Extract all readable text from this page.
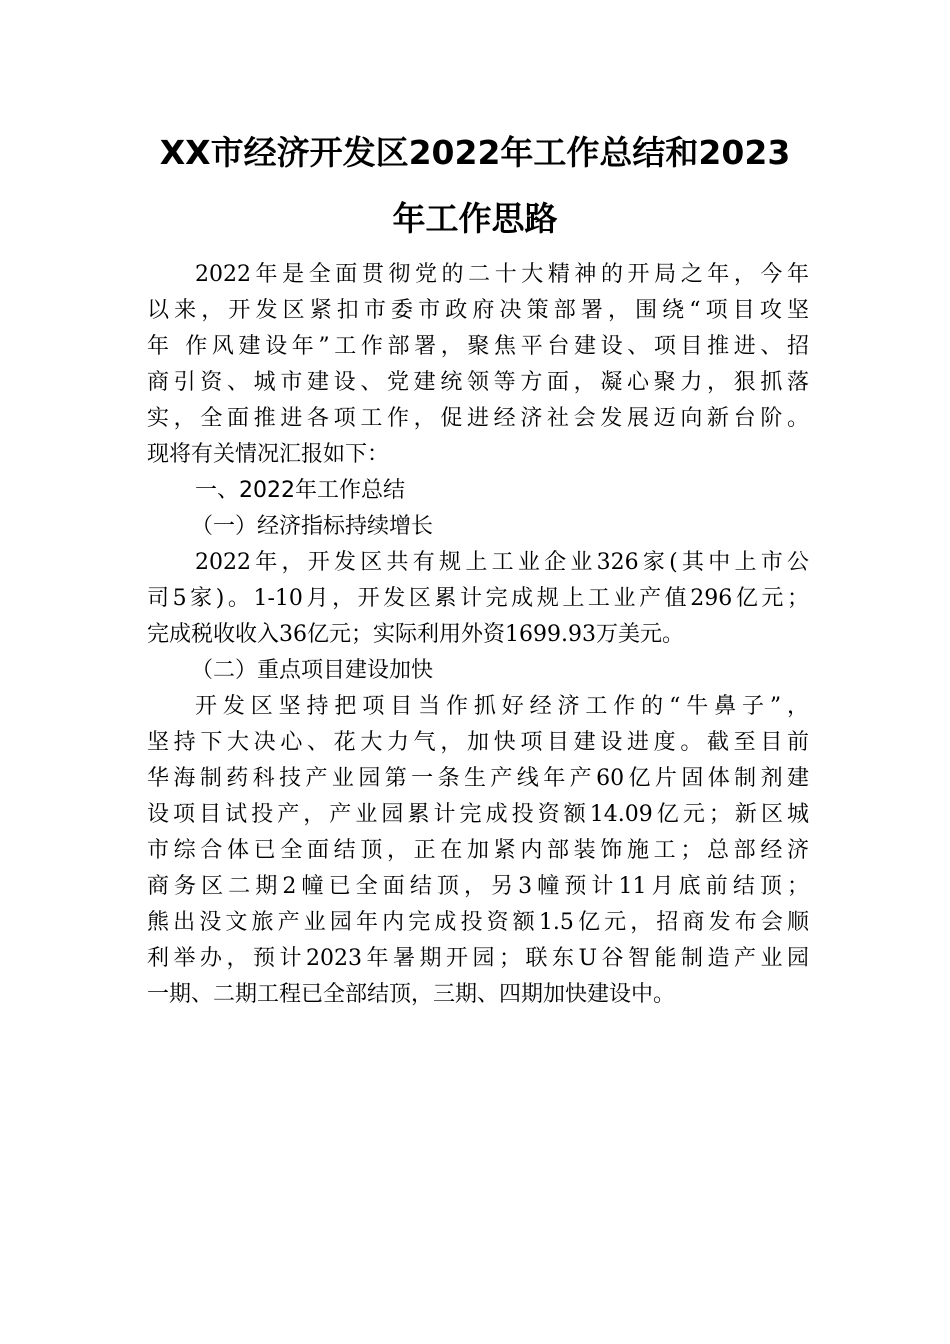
XX市经济开发区2022年工作总结和2023
年工作思路
2022年是全面贯彻党的二十大精神的开局之年，今年
以来，开发区紧扣市委市政府决策部署，围绕“项目攻坚
年 作风建设年”工作部署，聚焦平台建设、项目推进、招
商引资、城市建设、党建统领等方面，凝心聚力，狠抓落
实，全面推进各项工作，促进经济社会发展迈向新台阶。
现将有关情况汇报如下：
一、2022年工作总结
（一）经济指标持续增长
2022年，开发区共有规上工业企业326家(其中上市公
司5家)。1-10月，开发区累计完成规上工业产值296亿元；
完成税收收入36亿元；实际利用外资1699.93万美元。
（二）重点项目建设加快
开发区坚持把项目当作抓好经济工作的“牛鼻子”，
坚持下大决心、花大力气，加快项目建设进度。截至目前
华海制药科技产业园第一条生产线年产60亿片固体制剂建
设项目试投产，产业园累计完成投资额14.09亿元；新区城
市综合体已全面结顶，正在加紧内部装饰施工；总部经济
商务区二期2幢已全面结顶，另3幢预计11月底前结顶；
熊出没文旅产业园年内完成投资额1.5亿元，招商发布会顺
利举办，预计2023年暑期开园；联东U谷智能制造产业园
一期、二期工程已全部结顶，三期、四期加快建设中。
